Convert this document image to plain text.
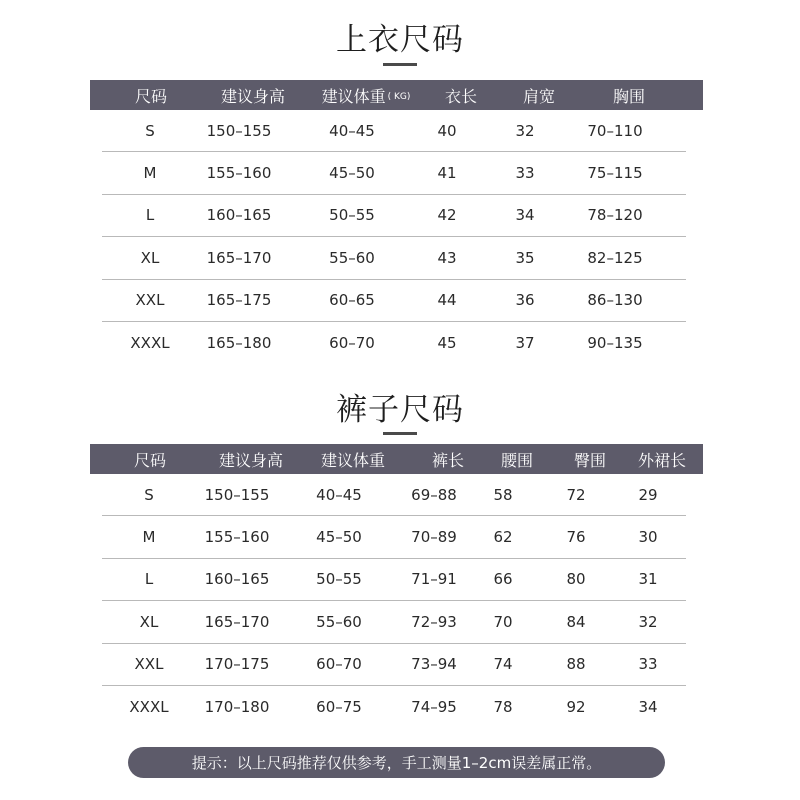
上衣尺码
尺码	建议身高	建议体重 ( KG)	衣长	肩宽	胸围
S	150–155	40–45	40	32	70–110
M	155–160	45–50	41	33	75–115
L	160–165	50–55	42	34	78–120
XL	165–170	55–60	43	35	82–125
XXL	165–175	60–65	44	36	86–130
XXXL	165–180	60–70	45	37	90–135
裤子尺码
尺码	建议身高	建议体重	裤长	腰围	臀围	外裙长
S	150–155	40–45	69–88	58	72	29
M	155–160	45–50	70–89	62	76	30
L	160–165	50–55	71–91	66	80	31
XL	165–170	55–60	72–93	70	84	32
XXL	170–175	60–70	73–94	74	88	33
XXXL	170–180	60–75	74–95	78	92	34
提示：以上尺码推荐仅供参考，手工测量1–2cm误差属正常。
